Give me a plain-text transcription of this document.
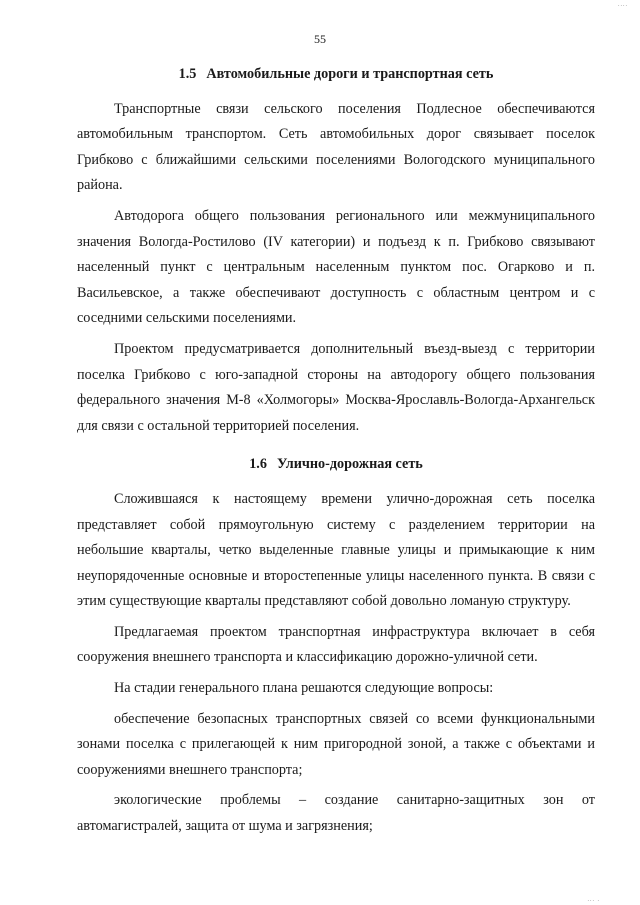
....
55
1.5 Автомобильные дороги и транспортная сеть

Транспортные связи сельского поселения Подлесное обеспечиваются автомобильным транспортом. Сеть автомобильных дорог связывает поселок Грибково с ближайшими сельскими поселениями Вологодского муниципального района.

Автодорога общего пользования регионального или межмуниципального значения Вологда-Ростилово (IV категории) и подъезд к п. Грибково связывают населенный пункт с центральным населенным пунктом пос. Огарково и п. Васильевское, а также обеспечивают доступность с областным центром и с соседними сельскими поселениями.

Проектом предусматривается дополнительный въезд-выезд с территории поселка Грибково с юго-западной стороны на автодорогу общего пользования федерального значения М-8 «Холмогоры» Москва-Ярославль-Вологда-Архангельск для связи с остальной территорией поселения.

1.6 Улично-дорожная сеть

Сложившаяся к настоящему времени улично-дорожная сеть поселка представляет собой прямоугольную систему с разделением территории на небольшие кварталы, четко выделенные главные улицы и примыкающие к ним неупорядоченные основные и второстепенные улицы населенного пункта. В связи с этим существующие кварталы представляют собой довольно ломаную структуру.

Предлагаемая проектом транспортная инфраструктура включает в себя сооружения внешнего транспорта и классификацию дорожно-уличной сети.

На стадии генерального плана решаются следующие вопросы:

обеспечение безопасных транспортных связей со всеми функциональными зонами поселка с прилегающей к ним пригородной зоной, а также с объектами и сооружениями внешнего транспорта;

экологические проблемы – создание санитарно-защитных зон от автомагистралей, защита от шума и загрязнения;

... .
